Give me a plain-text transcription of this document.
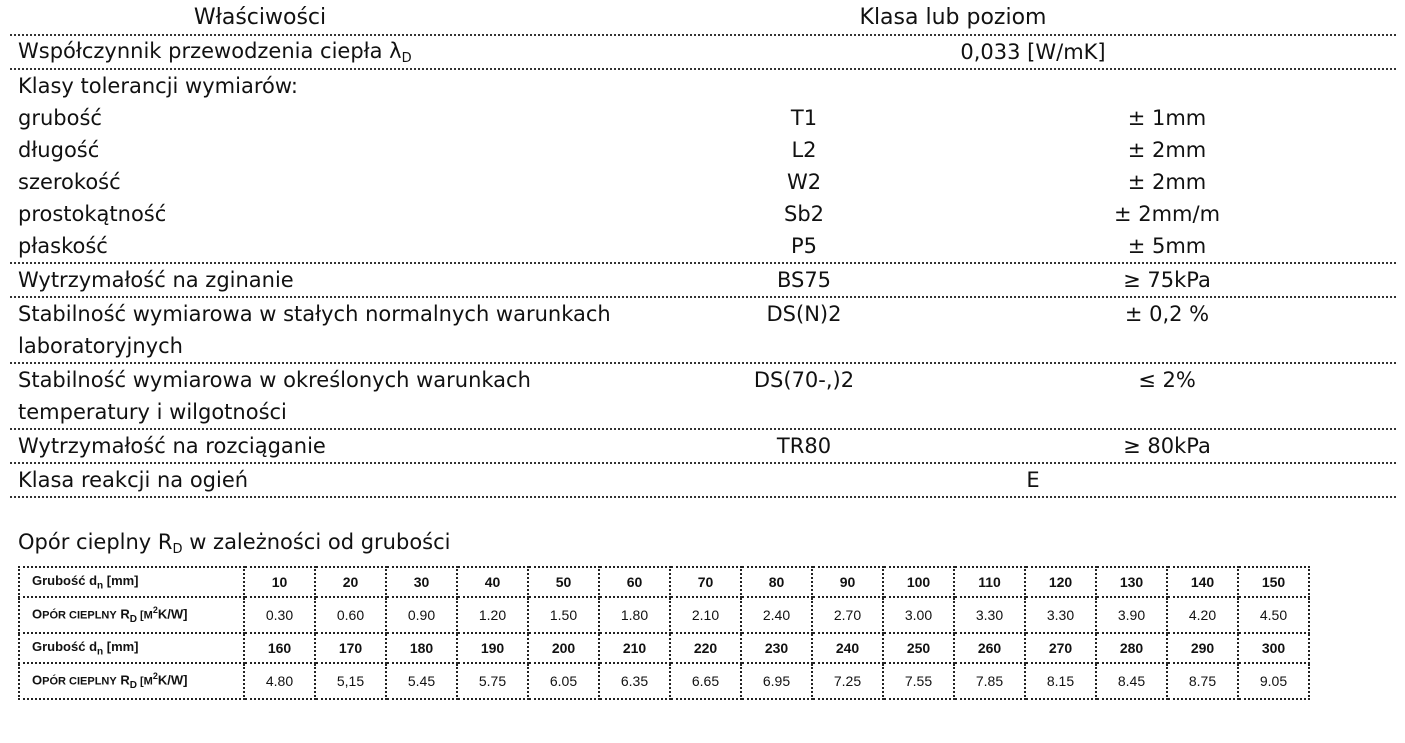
Właściwości	Klasa lub poziom
Współczynnik przewodzenia ciepła $\lambda_D$	0,033 [W/mK]
Klasy tolerancji wymiarów:
grubość	T1	± 1mm
długość	L2	± 2mm
szerokość	W2	± 2mm
prostokątność	Sb2	± 2mm/m
płaskość	P5	± 5mm
Wytrzymałość na zginanie	BS75	≥ 75kPa
Stabilność wymiarowa w stałych normalnych warunkach
laboratoryjnych
DS(N)2	± 0,2 %
Stabilność wymiarowa w określonych warunkach
temperatury i wilgotności
DS(70-,)2	≤ 2%
Wytrzymałość na rozciąganie	TR80	≥ 80kPa
Klasa reakcji na ogień	E
Opór cieplny $R_D$ w zależności od grubości
Grubość $d_n$ [mm]	10	20	30	40	50	60	70	80	90	100	110	120	130	140	150
OPÓR CIEPLNY $R_D$ $[M^2K/W]$	0.30	0.60	0.90	1.20	1.50	1.80	2.10	2.40	2.70	3.00	3.30	3.30	3.90	4.20	4.50
Grubość $d_n$ [mm]	160	170	180	190	200	210	220	230	240	250	260	270	280	290	300
OPÓR CIEPLNY $R_D$ $[M^2K/W]$	4.80	5,15	5.45	5.75	6.05	6.35	6.65	6.95	7.25	7.55	7.85	8.15	8.45	8.75	9.05
